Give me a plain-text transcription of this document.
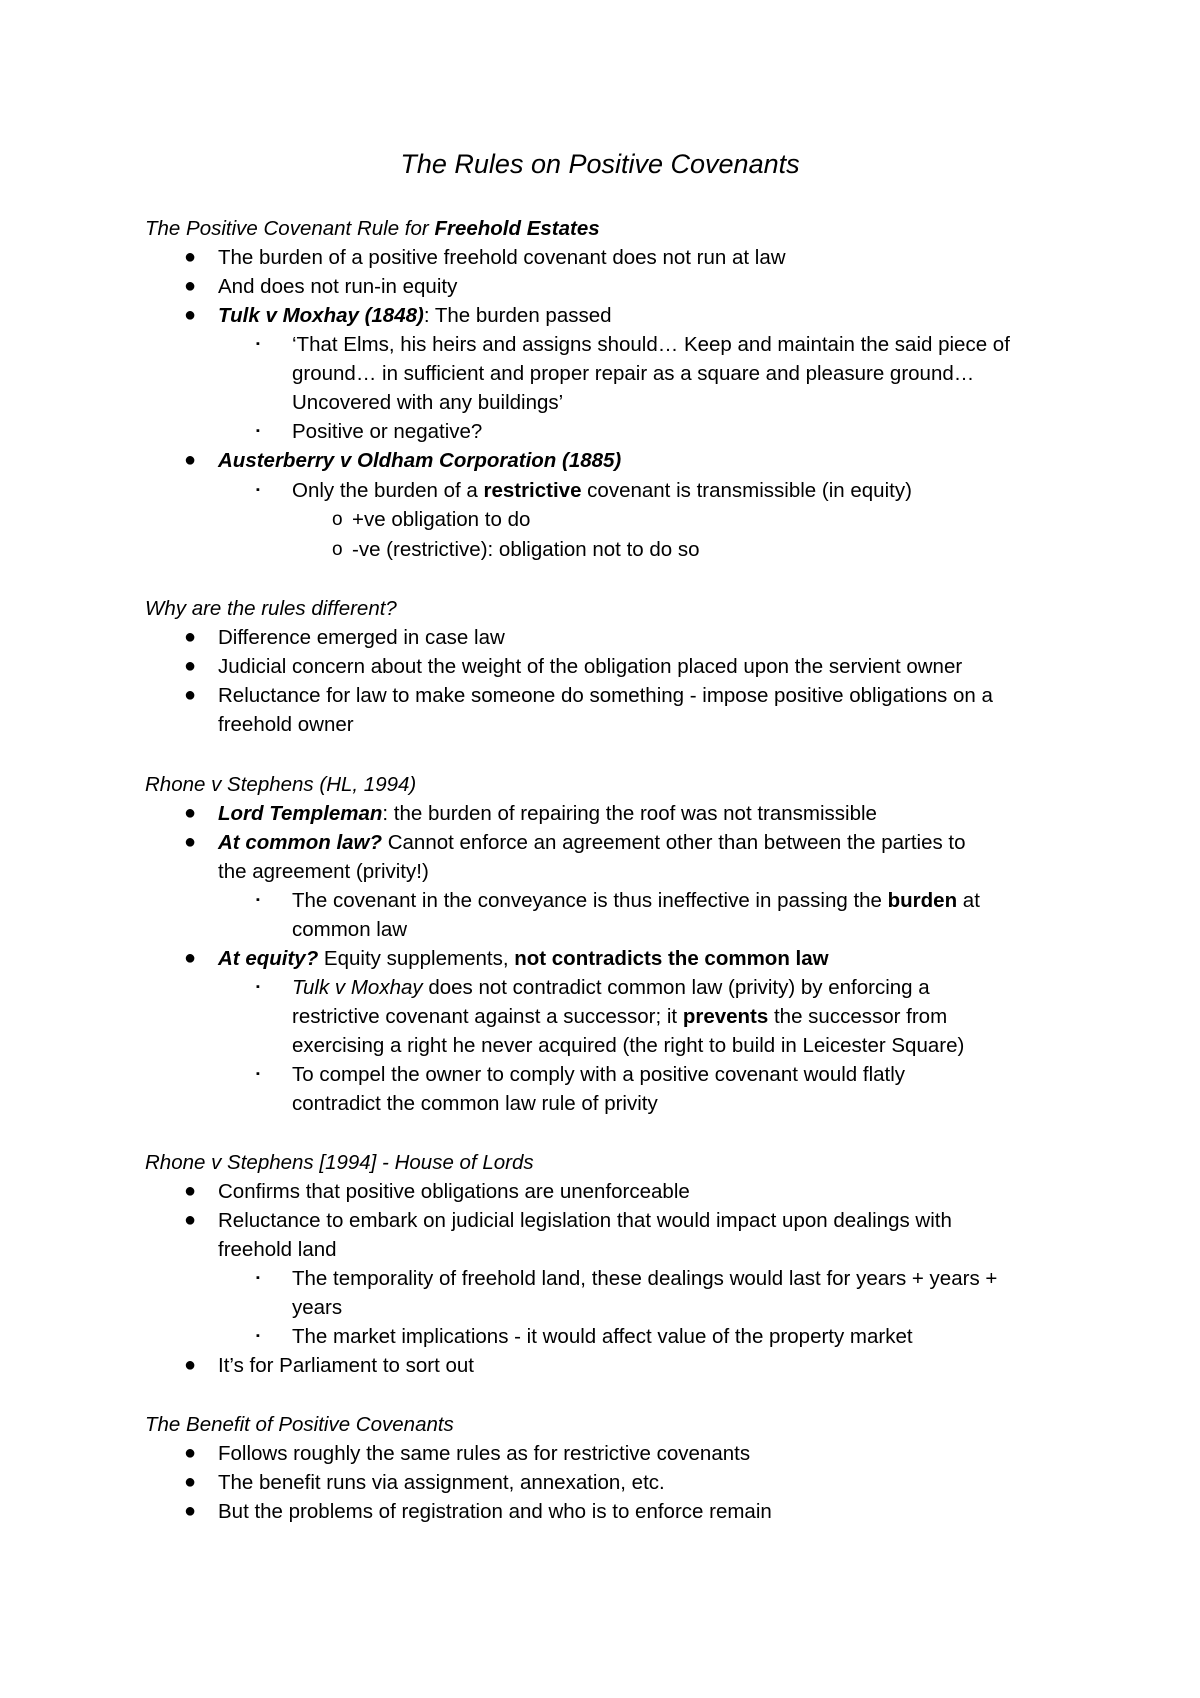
The Rules on Positive Covenants
The Positive Covenant Rule for Freehold Estates
● The burden of a positive freehold covenant does not run at law
● And does not run-in equity
● Tulk v Moxhay (1848): The burden passed
▪ ‘That Elms, his heirs and assigns should… Keep and maintain the said piece of
ground… in sufficient and proper repair as a square and pleasure ground…
Uncovered with any buildings’
▪ Positive or negative?
● Austerberry v Oldham Corporation (1885)
▪ Only the burden of a restrictive covenant is transmissible (in equity)
o +ve obligation to do
o -ve (restrictive): obligation not to do so
Why are the rules different?
● Difference emerged in case law
● Judicial concern about the weight of the obligation placed upon the servient owner
● Reluctance for law to make someone do something - impose positive obligations on a
freehold owner
Rhone v Stephens (HL, 1994)
● Lord Templeman: the burden of repairing the roof was not transmissible
● At common law? Cannot enforce an agreement other than between the parties to
the agreement (privity!)
▪ The covenant in the conveyance is thus ineffective in passing the burden at
common law
● At equity? Equity supplements, not contradicts the common law
▪ Tulk v Moxhay does not contradict common law (privity) by enforcing a
restrictive covenant against a successor; it prevents the successor from
exercising a right he never acquired (the right to build in Leicester Square)
▪ To compel the owner to comply with a positive covenant would flatly
contradict the common law rule of privity
Rhone v Stephens [1994] - House of Lords
● Confirms that positive obligations are unenforceable
● Reluctance to embark on judicial legislation that would impact upon dealings with
freehold land
▪ The temporality of freehold land, these dealings would last for years + years +
years
▪ The market implications - it would affect value of the property market
● It’s for Parliament to sort out
The Benefit of Positive Covenants
● Follows roughly the same rules as for restrictive covenants
● The benefit runs via assignment, annexation, etc.
● But the problems of registration and who is to enforce remain
